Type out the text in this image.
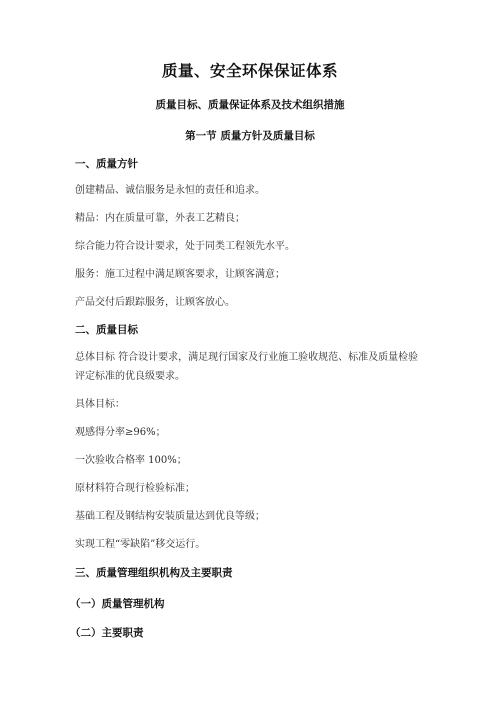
质量、安全环保保证体系
质量目标、质量保证体系及技术组织措施
第一节 质量方针及质量目标
一、质量方针
创建精品、诚信服务是永恒的责任和追求。
精品：内在质量可靠，外表工艺精良；
综合能力符合设计要求，处于同类工程领先水平。
服务：施工过程中满足顾客要求，让顾客满意；
产品交付后跟踪服务，让顾客放心。
二、质量目标
总体目标 符合设计要求，满足现行国家及行业施工验收规范、标准及质量检验
评定标准的优良级要求。
具体目标：
观感得分率≥96%；
一次验收合格率 100%；
原材料符合现行检验标准；
基础工程及钢结构安装质量达到优良等级；
实现工程“零缺陷”移交运行。
三、质量管理组织机构及主要职责
（一）质量管理机构
（二）主要职责
